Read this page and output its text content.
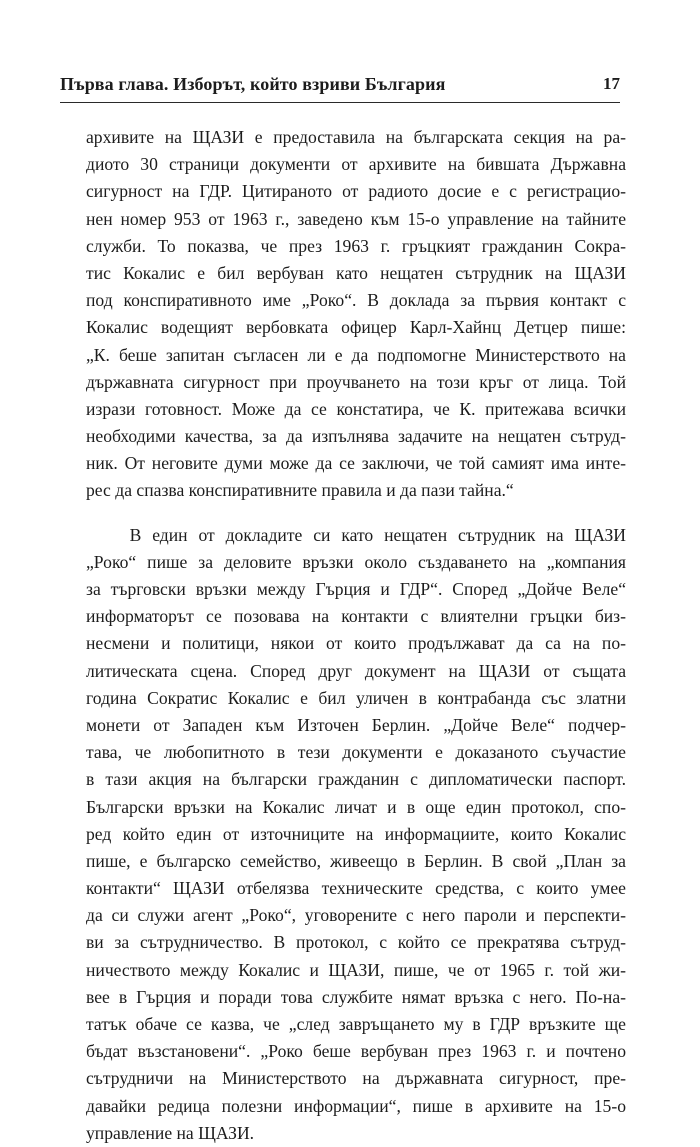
Първа глава. Изборът, който взриви България	17
архивите на ЩАЗИ е предоставила на българската секция на ра-
диото 30 страници документи от архивите на бившата Държавна
сигурност на ГДР. Цитираното от радиото досие е с регистрацио-
нен номер 953 от 1963 г., заведено към 15-о управление на тайните
служби. То показва, че през 1963 г. гръцкият гражданин Сокра-
тис Кокалис е бил вербуван като нещатен сътрудник на ЩАЗИ
под конспиративното име „Роко“. В доклада за първия контакт с
Кокалис водещият вербовката офицер Карл-Хайнц Детцер пише:
„К. беше запитан съгласен ли е да подпомогне Министерството на
държавната сигурност при проучването на този кръг от лица. Той
изрази готовност. Може да се констатира, че К. притежава всички
необходими качества, за да изпълнява задачите на нещатен сътруд-
ник. От неговите думи може да се заключи, че той самият има инте-
рес да спазва конспиративните правила и да пази тайна.“
В един от докладите си като нещатен сътрудник на ЩАЗИ
„Роко“ пише за деловите връзки около създаването на „компания
за търговски връзки между Гърция и ГДР“. Според „Дойче Веле“
информаторът се позовава на контакти с влиятелни гръцки биз-
несмени и политици, някои от които продължават да са на по-
литическата сцена. Според друг документ на ЩАЗИ от същата
година Сократис Кокалис е бил уличен в контрабанда със златни
монети от Западен към Източен Берлин. „Дойче Веле“ подчер-
тава, че любопитното в тези документи е доказаното съучастие
в тази акция на български гражданин с дипломатически паспорт.
Български връзки на Кокалис личат и в още един протокол, спо-
ред който един от източниците на информациите, които Кокалис
пише, е българско семейство, живеещо в Берлин. В свой „План за
контакти“ ЩАЗИ отбелязва техническите средства, с които умее
да си служи агент „Роко“, уговорените с него пароли и перспекти-
ви за сътрудничество. В протокол, с който се прекратява сътруд-
ничеството между Кокалис и ЩАЗИ, пише, че от 1965 г. той жи-
вее в Гърция и поради това службите нямат връзка с него. По-на-
татък обаче се казва, че „след завръщането му в ГДР връзките ще
бъдат възстановени“. „Роко беше вербуван през 1963 г. и почтено
сътрудничи на Министерството на държавната сигурност, пре-
давайки редица полезни информации“, пише в архивите на 15-о
управление на ЩАЗИ.
